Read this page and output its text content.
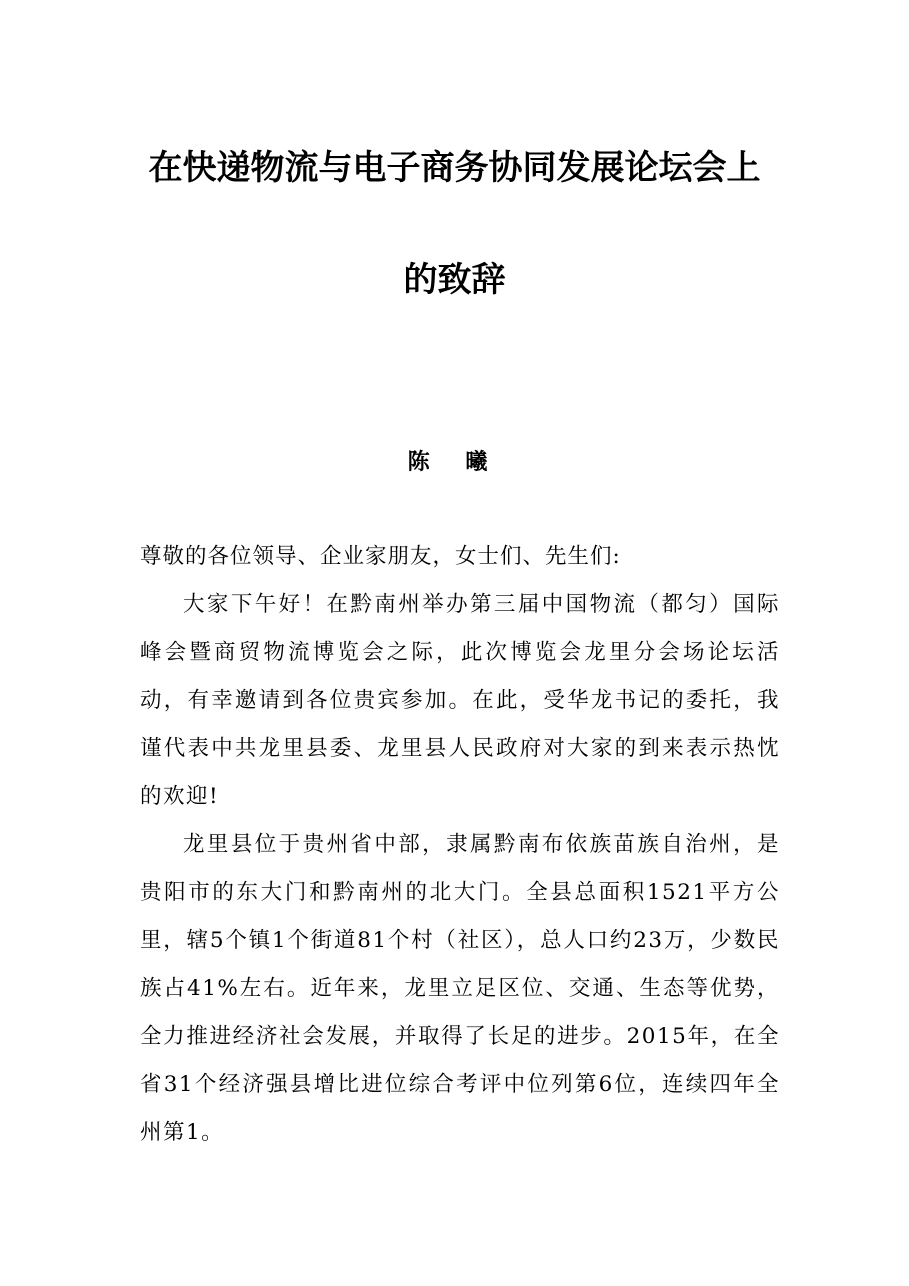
在快递物流与电子商务协同发展论坛会上
的致辞
陈 曦
尊敬的各位领导、企业家朋友，女士们、先生们:
大家下午好！在黔南州举办第三届中国物流（都匀）国际峰会暨商贸物流博览会之际，此次博览会龙里分会场论坛活动，有幸邀请到各位贵宾参加。在此，受华龙书记的委托，我谨代表中共龙里县委、龙里县人民政府对大家的到来表示热忱的欢迎!
龙里县位于贵州省中部，隶属黔南布依族苗族自治州，是贵阳市的东大门和黔南州的北大门。全县总面积1521平方公里，辖5个镇1个街道81个村（社区），总人口约23万，少数民族占41%左右。近年来，龙里立足区位、交通、生态等优势，全力推进经济社会发展，并取得了长足的进步。2015年，在全省31个经济强县增比进位综合考评中位列第6位，连续四年全州第1。
